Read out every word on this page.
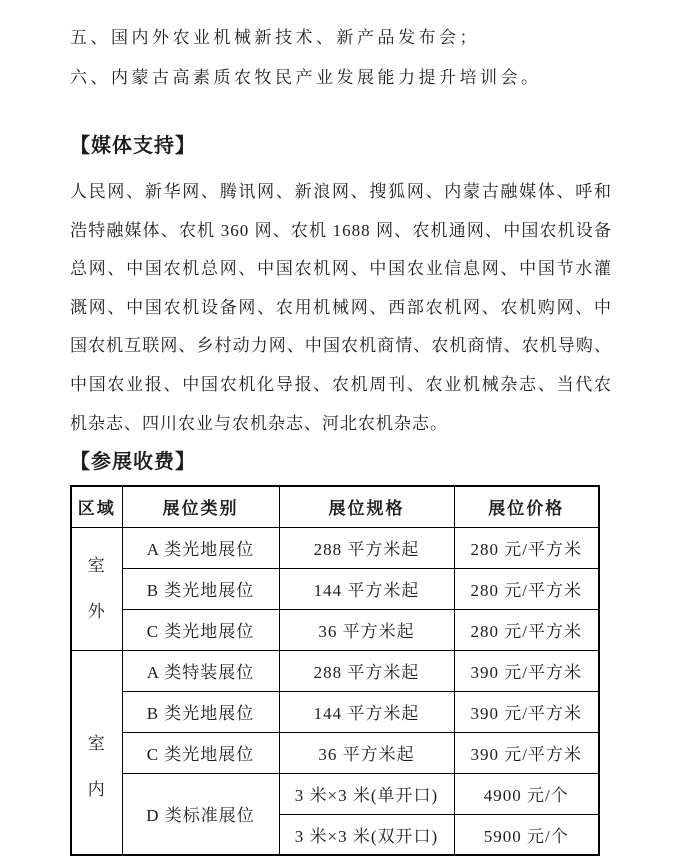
五、国内外农业机械新技术、新产品发布会；
六、内蒙古高素质农牧民产业发展能力提升培训会。
【媒体支持】
人民网、新华网、腾讯网、新浪网、搜狐网、内蒙古融媒体、呼和
浩特融媒体、农机 360 网、农机 1688 网、农机通网、中国农机设备
总网、中国农机总网、中国农机网、中国农业信息网、中国节水灌
溉网、中国农机设备网、农用机械网、西部农机网、农机购网、中
国农机互联网、乡村动力网、中国农机商情、农机商情、农机导购、
中国农业报、中国农机化导报、农机周刊、农业机械杂志、当代农
机杂志、四川农业与农机杂志、河北农机杂志。
【参展收费】
区域	展位类别	展位规格	展位价格

室
外	A 类光地展位	288 平方米起	280 元/平方米
	B 类光地展位	144 平方米起	280 元/平方米
	C 类光地展位	36 平方米起	280 元/平方米

室
内	A 类特装展位	288 平方米起	390 元/平方米
	B 类光地展位	144 平方米起	390 元/平方米
	C 类光地展位	36 平方米起	390 元/平方米
	D 类标准展位	3 米×3 米(单开口)	4900 元/个
		3 米×3 米(双开口)	5900 元/个
